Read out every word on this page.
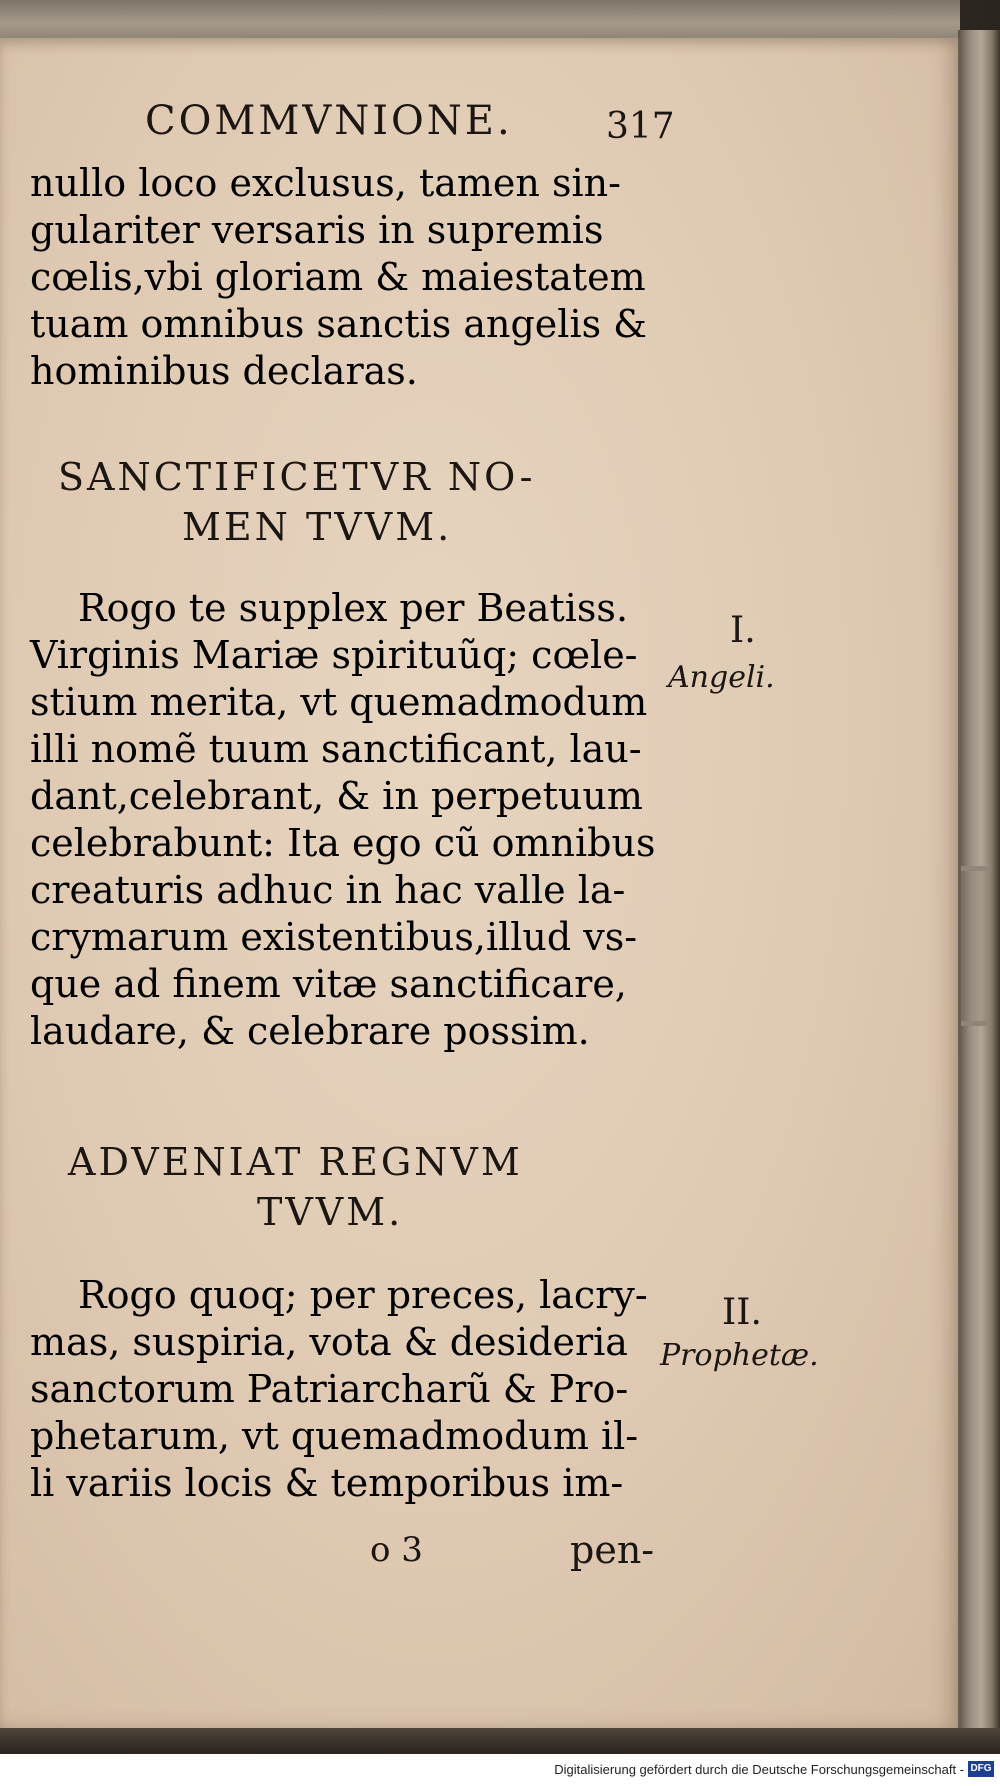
COMMVNIONE.	317
nullo loco exclusus, tamen sin-
gulariter versaris in supremis
cœlis,vbi gloriam & maiestatem
tuam omnibus sanctis angelis &
hominibus declaras.
SANCTIFICETVR NO-
MEN TVVM.
Rogo te supplex per Beatiss.
Virginis Mariæ spirituũq; cœle-
stium merita, vt quemadmodum
illi nomẽ tuum sanctificant, lau-
dant,celebrant, & in perpetuum
celebrabunt: Ita ego cũ omnibus
creaturis adhuc in hac valle la-
crymarum existentibus,illud vs-
que ad finem vitæ sanctificare,
laudare, & celebrare possim.
I.
Angeli.
ADVENIAT REGNVM
TVVM.
Rogo quoq; per preces, lacry-
mas, suspiria, vota & desideria
sanctorum Patriarcharũ & Pro-
phetarum, vt quemadmodum il-
li variis locis & temporibus im-
II.
Prophetæ.
o 3	pen-
Digitalisierung gefördert durch die Deutsche Forschungsgemeinschaft - DFG
